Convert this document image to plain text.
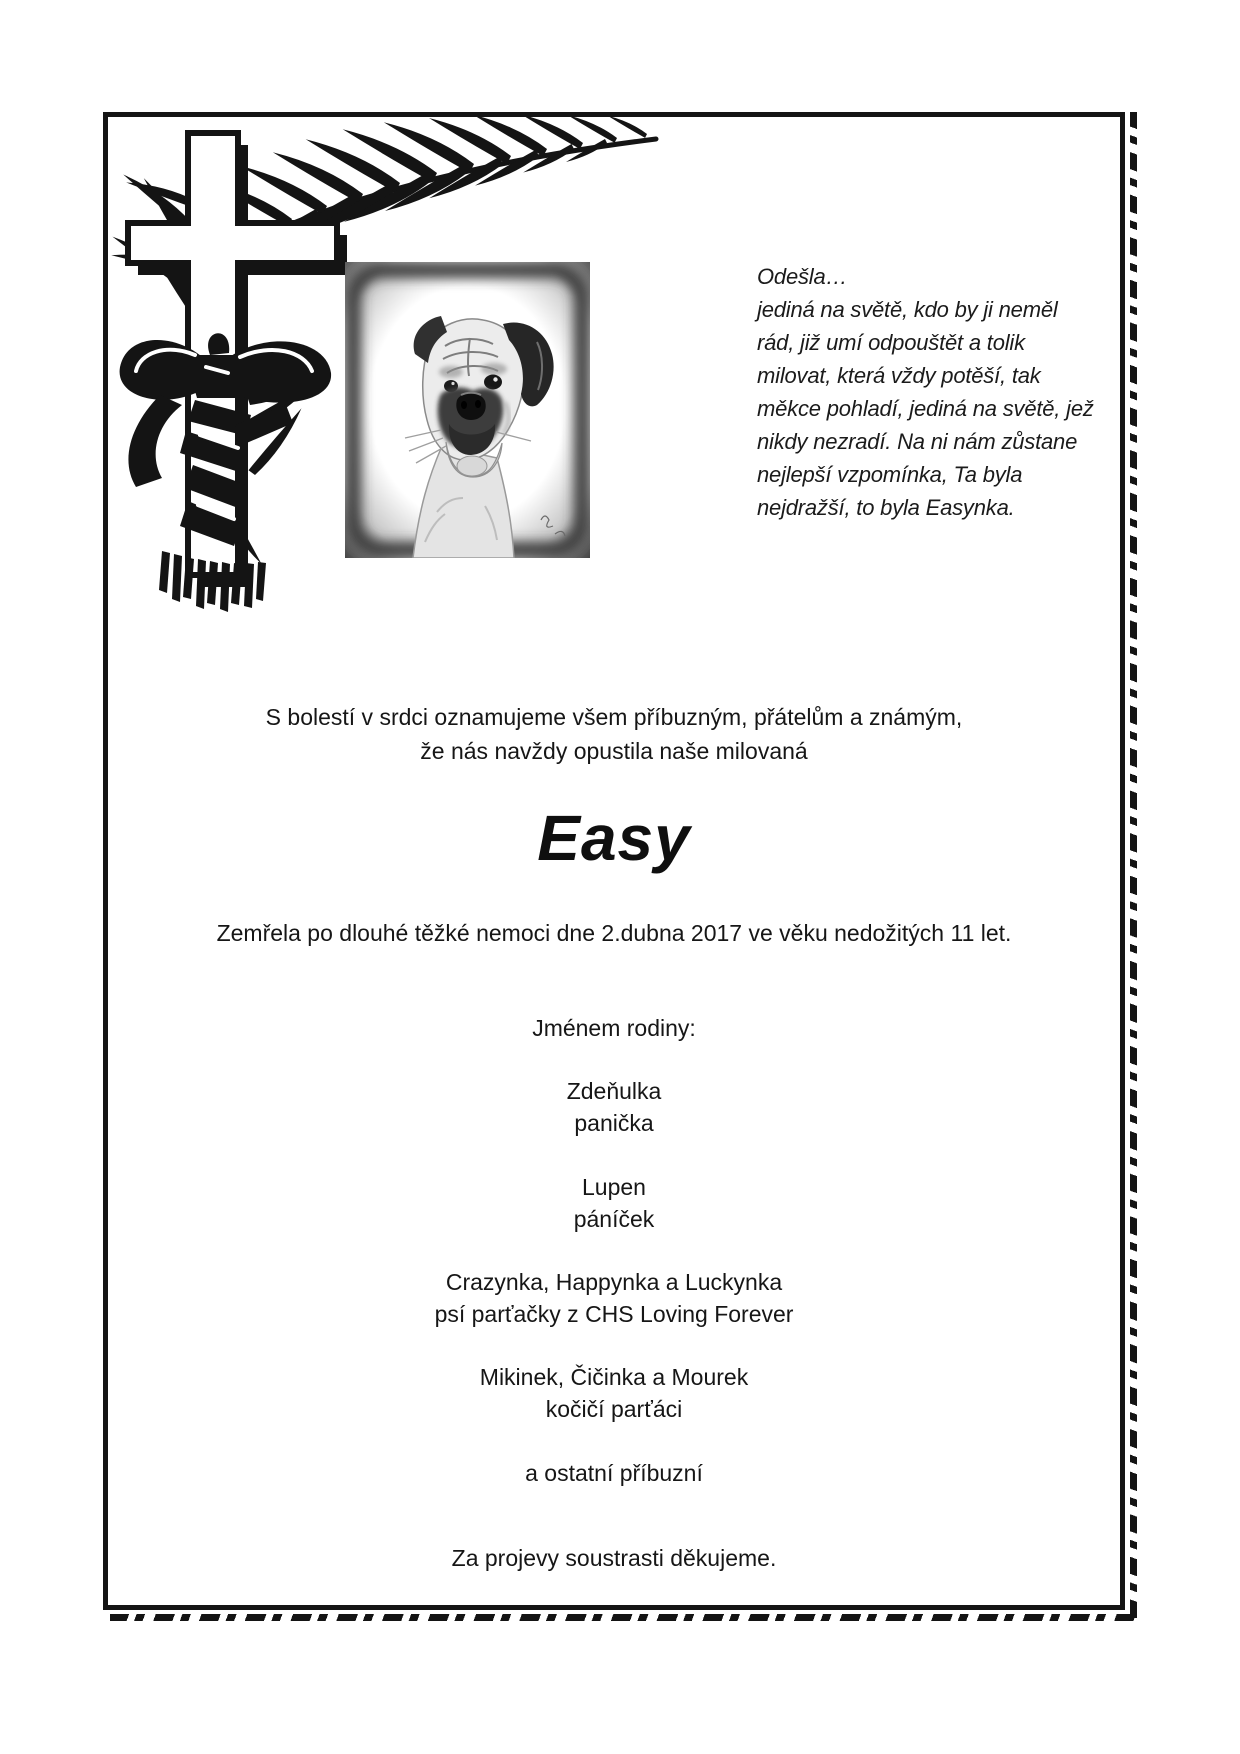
Odešla…
jediná na světě, kdo by ji neměl
rád, již umí odpouštět a tolik
milovat, která vždy potěší, tak
měkce pohladí, jediná na světě, jež
nikdy nezradí. Na ni nám zůstane
nejlepší vzpomínka, Ta byla
nejdražší, to byla Easynka.
S bolestí v srdci oznamujeme všem příbuzným, přátelům a známým,
že nás navždy opustila naše milovaná
Easy
Zemřela po dlouhé těžké nemoci dne 2.dubna 2017 ve věku nedožitých 11 let.
Jménem rodiny:
Zdeňulka
panička
Lupen
páníček
Crazynka, Happynka a Luckynka
psí parťačky z CHS Loving Forever
Mikinek, Čičinka a Mourek
kočičí parťáci
a ostatní příbuzní
Za projevy soustrasti děkujeme.
